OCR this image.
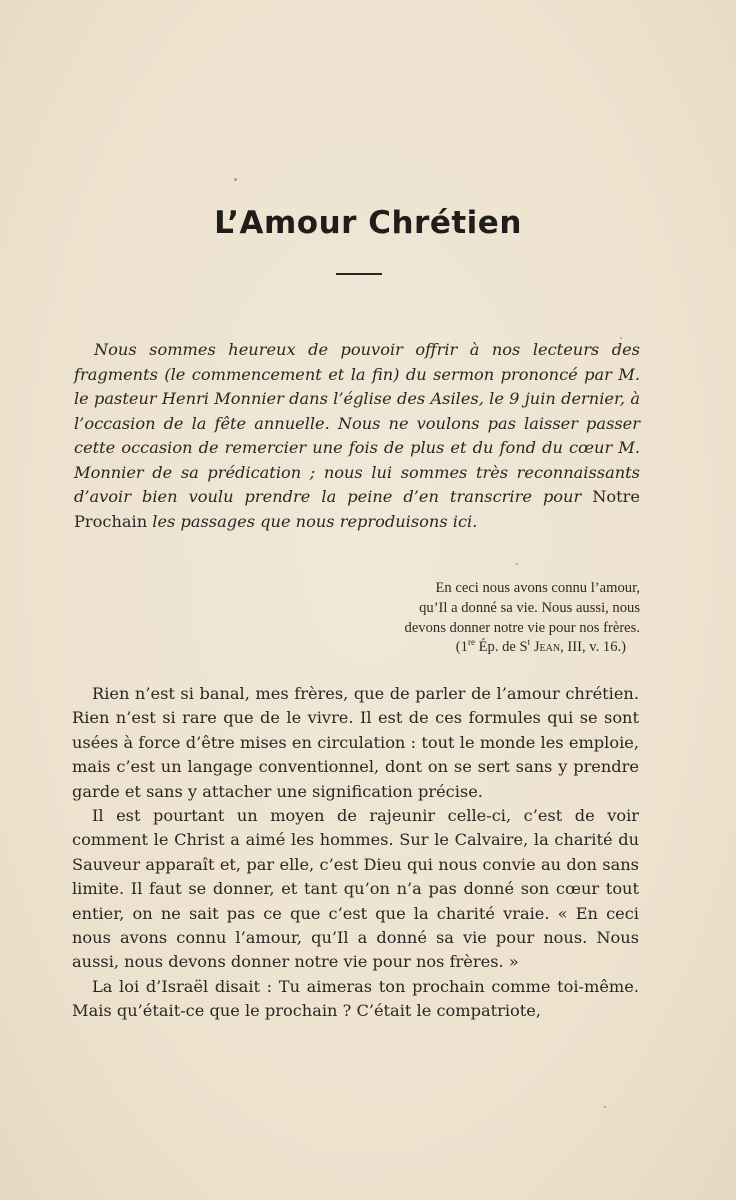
L’Amour Chrétien

Nous sommes heureux de pouvoir offrir à nos lecteurs des fragments (le commencement et la fin) du sermon prononcé par M. le pasteur Henri Monnier dans l’église des Asiles, le 9 juin dernier, à l’occasion de la fête annuelle. Nous ne voulons pas laisser passer cette occasion de remercier une fois de plus et du fond du cœur M. Monnier de sa prédication ; nous lui sommes très reconnaissants d’avoir bien voulu prendre la peine d’en transcrire pour Notre Prochain les passages que nous reproduisons ici.

En ceci nous avons connu l’amour,
qu’Il a donné sa vie. Nous aussi, nous
devons donner notre vie pour nos frères.
(1re Ép. de $S^t$ Jean, III, v. 16.)

Rien n’est si banal, mes frères, que de parler de l’amour chrétien. Rien n’est si rare que de le vivre. Il est de ces formules qui se sont usées à force d’être mises en circulation : tout le monde les emploie, mais c’est un langage conventionnel, dont on se sert sans y prendre garde et sans y attacher une signification précise.

Il est pourtant un moyen de rajeunir celle-ci, c’est de voir comment le Christ a aimé les hommes. Sur le Calvaire, la charité du Sauveur apparaît et, par elle, c’est Dieu qui nous convie au don sans limite. Il faut se donner, et tant qu’on n’a pas donné son cœur tout entier, on ne sait pas ce que c’est que la charité vraie. « En ceci nous avons connu l’amour, qu’Il a donné sa vie pour nous. Nous aussi, nous devons donner notre vie pour nos frères. »

La loi d’Israël disait : Tu aimeras ton prochain comme toi-même. Mais qu’était-ce que le prochain ? C’était le compatriote,
